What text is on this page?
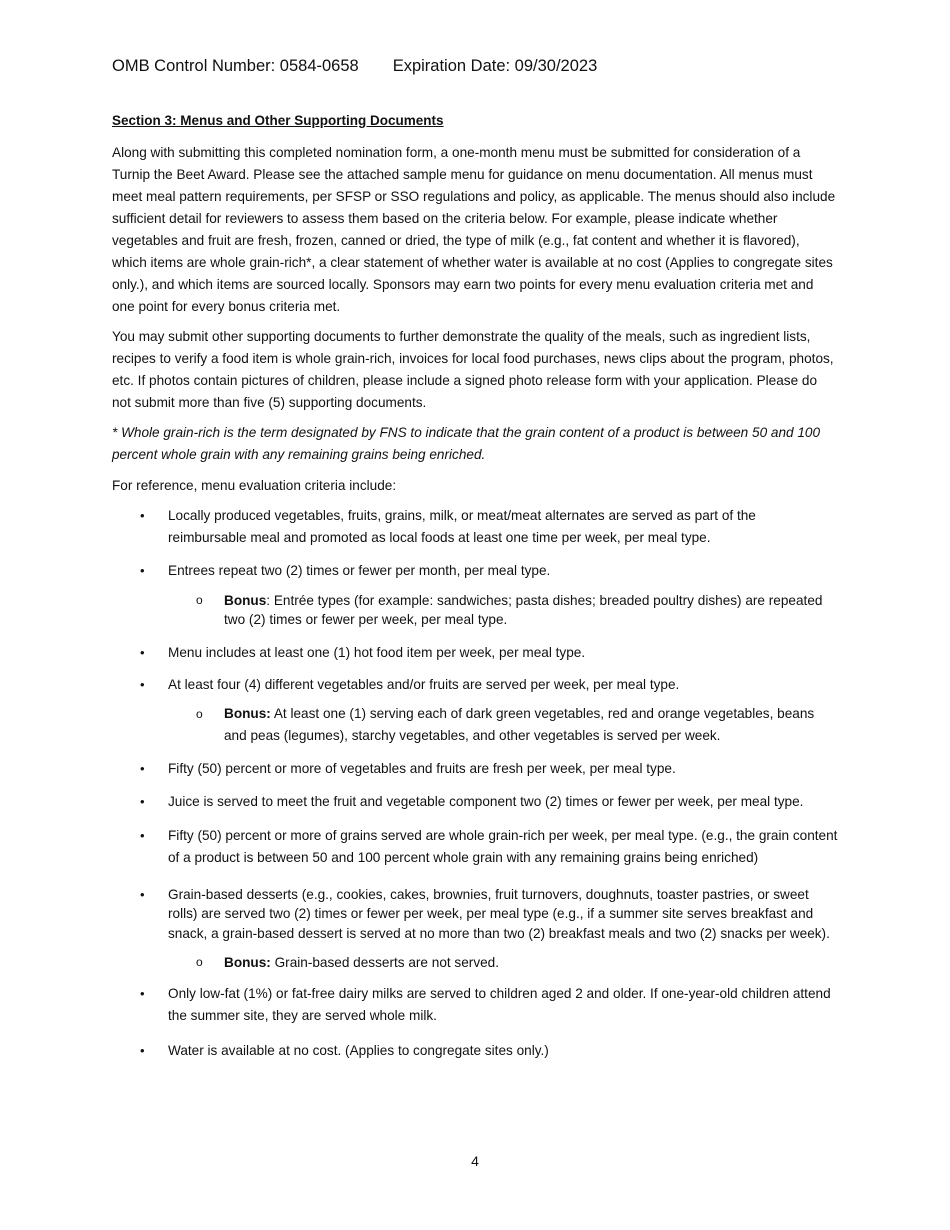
OMB Control Number: 0584-0658 Expiration Date: 09/30/2023
Section 3: Menus and Other Supporting Documents

Along with submitting this completed nomination form, a one-month menu must be submitted for consideration of a Turnip the Beet Award. Please see the attached sample menu for guidance on menu documentation. All menus must meet meal pattern requirements, per SFSP or SSO regulations and policy, as applicable. The menus should also include sufficient detail for reviewers to assess them based on the criteria below. For example, please indicate whether vegetables and fruit are fresh, frozen, canned or dried, the type of milk (e.g., fat content and whether it is flavored), which items are whole grain-rich*, a clear statement of whether water is available at no cost (Applies to congregate sites only.), and which items are sourced locally. Sponsors may earn two points for every menu evaluation criteria met and one point for every bonus criteria met.

You may submit other supporting documents to further demonstrate the quality of the meals, such as ingredient lists, recipes to verify a food item is whole grain-rich, invoices for local food purchases, news clips about the program, photos, etc. If photos contain pictures of children, please include a signed photo release form with your application. Please do not submit more than five (5) supporting documents.

* Whole grain-rich is the term designated by FNS to indicate that the grain content of a product is between 50 and 100 percent whole grain with any remaining grains being enriched.

For reference, menu evaluation criteria include:

• Locally produced vegetables, fruits, grains, milk, or meat/meat alternates are served as part of the reimbursable meal and promoted as local foods at least one time per week, per meal type.
• Entrees repeat two (2) times or fewer per month, per meal type.
o Bonus: Entrée types (for example: sandwiches; pasta dishes; breaded poultry dishes) are repeated two (2) times or fewer per week, per meal type.
• Menu includes at least one (1) hot food item per week, per meal type.
• At least four (4) different vegetables and/or fruits are served per week, per meal type.
o Bonus: At least one (1) serving each of dark green vegetables, red and orange vegetables, beans and peas (legumes), starchy vegetables, and other vegetables is served per week.
• Fifty (50) percent or more of vegetables and fruits are fresh per week, per meal type.
• Juice is served to meet the fruit and vegetable component two (2) times or fewer per week, per meal type.
• Fifty (50) percent or more of grains served are whole grain-rich per week, per meal type. (e.g., the grain content of a product is between 50 and 100 percent whole grain with any remaining grains being enriched)
• Grain-based desserts (e.g., cookies, cakes, brownies, fruit turnovers, doughnuts, toaster pastries, or sweet rolls) are served two (2) times or fewer per week, per meal type (e.g., if a summer site serves breakfast and snack, a grain-based dessert is served at no more than two (2) breakfast meals and two (2) snacks per week).
o Bonus: Grain-based desserts are not served.
• Only low-fat (1%) or fat-free dairy milks are served to children aged 2 and older. If one-year-old children attend the summer site, they are served whole milk.
• Water is available at no cost. (Applies to congregate sites only.)
4
